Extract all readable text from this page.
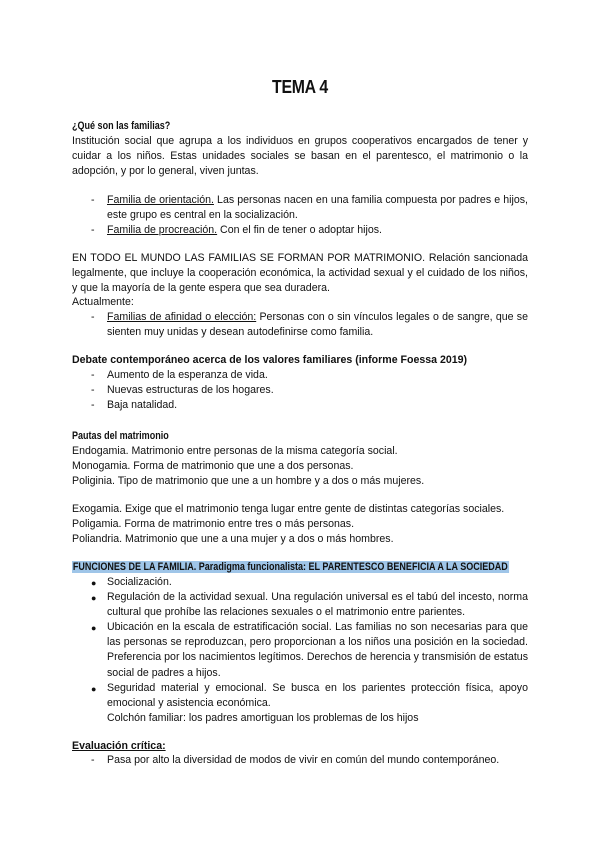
TEMA 4
¿Qué son las familias?
Institución social que agrupa a los individuos en grupos cooperativos encargados de tener y cuidar a los niños. Estas unidades sociales se basan en el parentesco, el matrimonio o la adopción, y por lo general, viven juntas.
- Familia de orientación. Las personas nacen en una familia compuesta por padres e hijos, este grupo es central en la socialización.
- Familia de procreación. Con el fin de tener o adoptar hijos.
EN TODO EL MUNDO LAS FAMILIAS SE FORMAN POR MATRIMONIO. Relación sancionada legalmente, que incluye la cooperación económica, la actividad sexual y el cuidado de los niños, y que la mayoría de la gente espera que sea duradera.
Actualmente:
- Familias de afinidad o elección: Personas con o sin vínculos legales o de sangre, que se sienten muy unidas y desean autodefinirse como familia.
Debate contemporáneo acerca de los valores familiares (informe Foessa 2019)
- Aumento de la esperanza de vida.
- Nuevas estructuras de los hogares.
- Baja natalidad.
Pautas del matrimonio
Endogamia. Matrimonio entre personas de la misma categoría social.
Monogamia. Forma de matrimonio que une a dos personas.
Poliginia. Tipo de matrimonio que une a un hombre y a dos o más mujeres.
Exogamia. Exige que el matrimonio tenga lugar entre gente de distintas categorías sociales.
Poligamia. Forma de matrimonio entre tres o más personas.
Poliandria. Matrimonio que une a una mujer y a dos o más hombres.
FUNCIONES DE LA FAMILIA. Paradigma funcionalista: EL PARENTESCO BENEFICIA A LA SOCIEDAD
● Socialización.
● Regulación de la actividad sexual. Una regulación universal es el tabú del incesto, norma cultural que prohíbe las relaciones sexuales o el matrimonio entre parientes.
● Ubicación en la escala de estratificación social. Las familias no son necesarias para que las personas se reproduzcan, pero proporcionan a los niños una posición en la sociedad. Preferencia por los nacimientos legítimos. Derechos de herencia y transmisión de estatus social de padres a hijos.
● Seguridad material y emocional. Se busca en los parientes protección física, apoyo emocional y asistencia económica.
Colchón familiar: los padres amortiguan los problemas de los hijos
Evaluación crítica:
- Pasa por alto la diversidad de modos de vivir en común del mundo contemporáneo.
